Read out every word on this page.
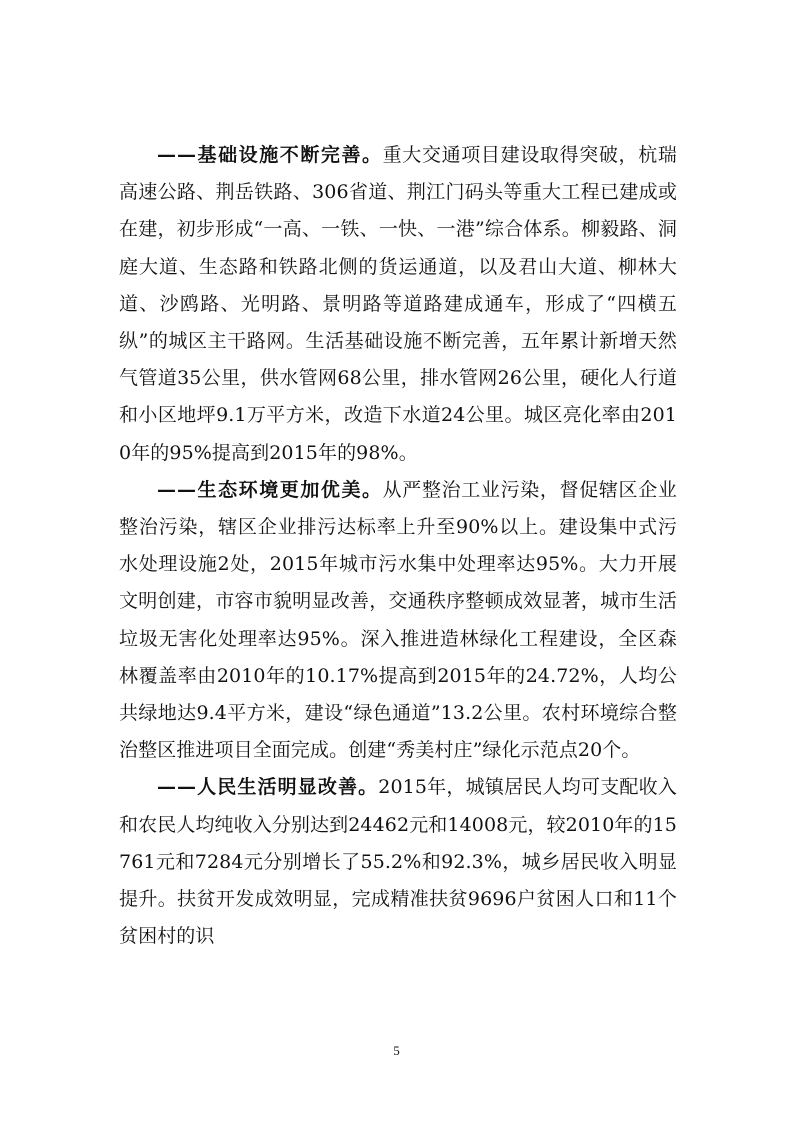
——基础设施不断完善。重大交通项目建设取得突破，杭瑞高速公路、荆岳铁路、306省道、荆江门码头等重大工程已建成或在建，初步形成“一高、一铁、一快、一港”综合体系。柳毅路、洞庭大道、生态路和铁路北侧的货运通道，以及君山大道、柳林大道、沙鸥路、光明路、景明路等道路建成通车，形成了“四横五纵”的城区主干路网。生活基础设施不断完善，五年累计新增天然气管道35公里，供水管网68公里，排水管网26公里，硬化人行道和小区地坪9.1万平方米，改造下水道24公里。城区亮化率由2010年的95%提高到2015年的98%。

——生态环境更加优美。从严整治工业污染，督促辖区企业整治污染，辖区企业排污达标率上升至90%以上。建设集中式污水处理设施2处，2015年城市污水集中处理率达95%。大力开展文明创建，市容市貌明显改善，交通秩序整顿成效显著，城市生活垃圾无害化处理率达95%。深入推进造林绿化工程建设，全区森林覆盖率由2010年的10.17%提高到2015年的24.72%，人均公共绿地达9.4平方米，建设“绿色通道”13.2公里。农村环境综合整治整区推进项目全面完成。创建“秀美村庄”绿化示范点20个。

——人民生活明显改善。2015年，城镇居民人均可支配收入和农民人均纯收入分别达到24462元和14008元，较2010年的15761元和7284元分别增长了55.2%和92.3%，城乡居民收入明显提升。扶贫开发成效明显，完成精准扶贫9696户贫困人口和11个贫困村的识

5
